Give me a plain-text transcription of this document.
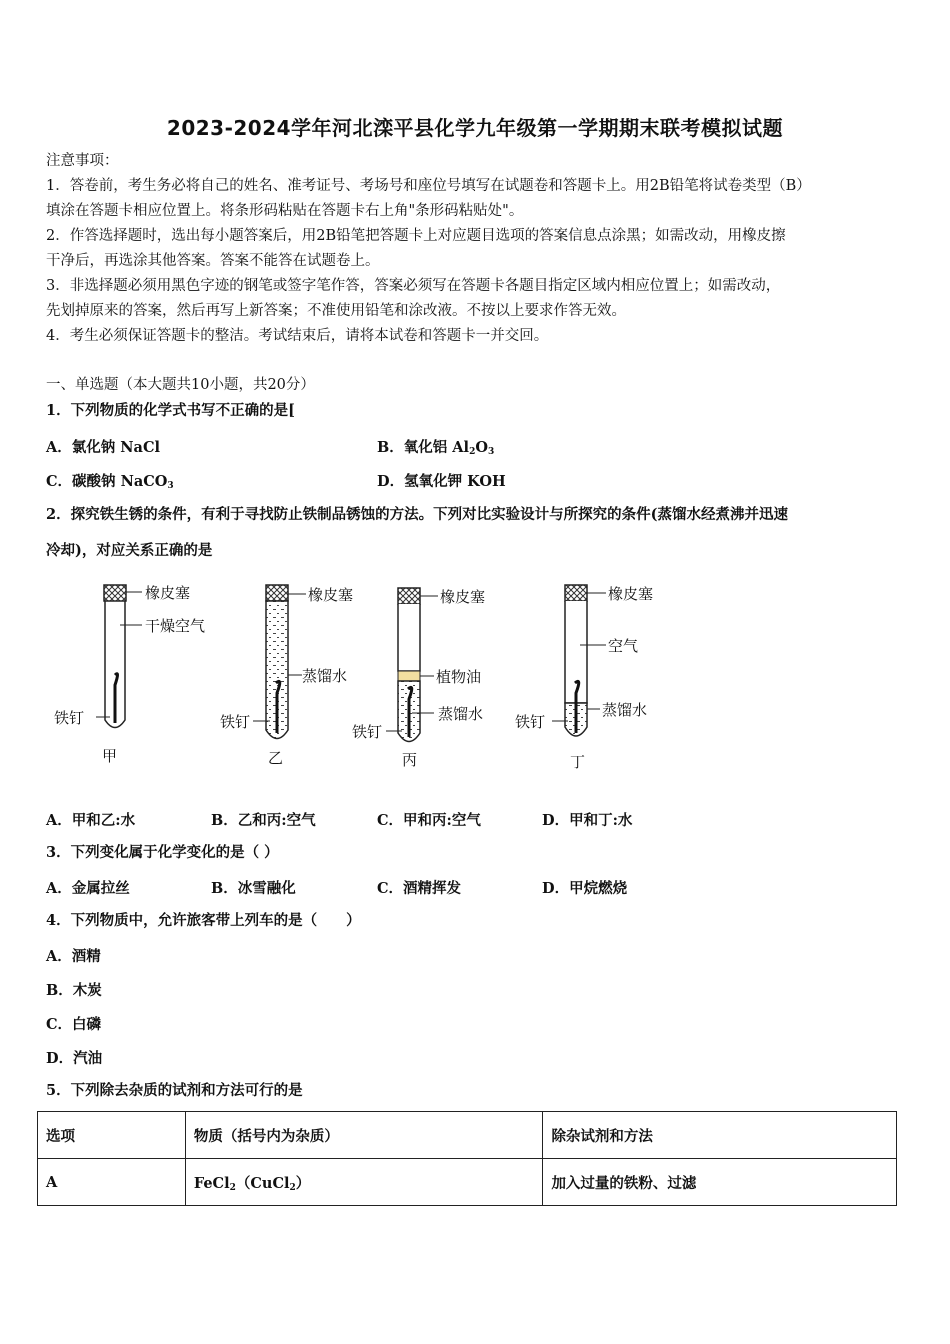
2023-2024学年河北滦平县化学九年级第一学期期末联考模拟试题
注意事项：
1．答卷前，考生务必将自己的姓名、准考证号、考场号和座位号填写在试题卷和答题卡上。用2B铅笔将试卷类型（B）
填涂在答题卡相应位置上。将条形码粘贴在答题卡右上角"条形码粘贴处"。
2．作答选择题时，选出每小题答案后，用2B铅笔把答题卡上对应题目选项的答案信息点涂黑；如需改动，用橡皮擦
干净后，再选涂其他答案。答案不能答在试题卷上。
3．非选择题必须用黑色字迹的钢笔或签字笔作答，答案必须写在答题卡各题目指定区域内相应位置上；如需改动，
先划掉原来的答案，然后再写上新答案；不准使用铅笔和涂改液。不按以上要求作答无效。
4．考生必须保证答题卡的整洁。考试结束后，请将本试卷和答题卡一并交回。
一、单选题（本大题共10小题，共20分）
1．下列物质的化学式书写不正确的是[
A．氯化钠 NaCl	B．氧化铝 $Al_2O_3$
C．碳酸钠 NaCO$_3$	D．氢氧化钾 KOH
2．探究铁生锈的条件，有利于寻找防止铁制品锈蚀的方法。下列对比实验设计与所探究的条件(蒸馏水经煮沸并迅速
冷却)，对应关系正确的是
橡皮塞
干燥空气
铁钉
甲
橡皮塞
蒸馏水
铁钉
乙
橡皮塞
植物油
蒸馏水
铁钉
丙
橡皮塞
空气
蒸馏水
铁钉
丁
A．甲和乙:水	B．乙和丙:空气	C．甲和丙:空气	D．甲和丁:水
3．下列变化属于化学变化的是（ ）
A．金属拉丝	B．冰雪融化	C．酒精挥发	D．甲烷燃烧
4．下列物质中，允许旅客带上列车的是（　　）
A．酒精
B．木炭
C．白磷
D．汽油
5．下列除去杂质的试剂和方法可行的是
选项	物质（括号内为杂质）	除杂试剂和方法
A	FeCl$_2$（CuCl$_2$）	加入过量的铁粉、过滤
